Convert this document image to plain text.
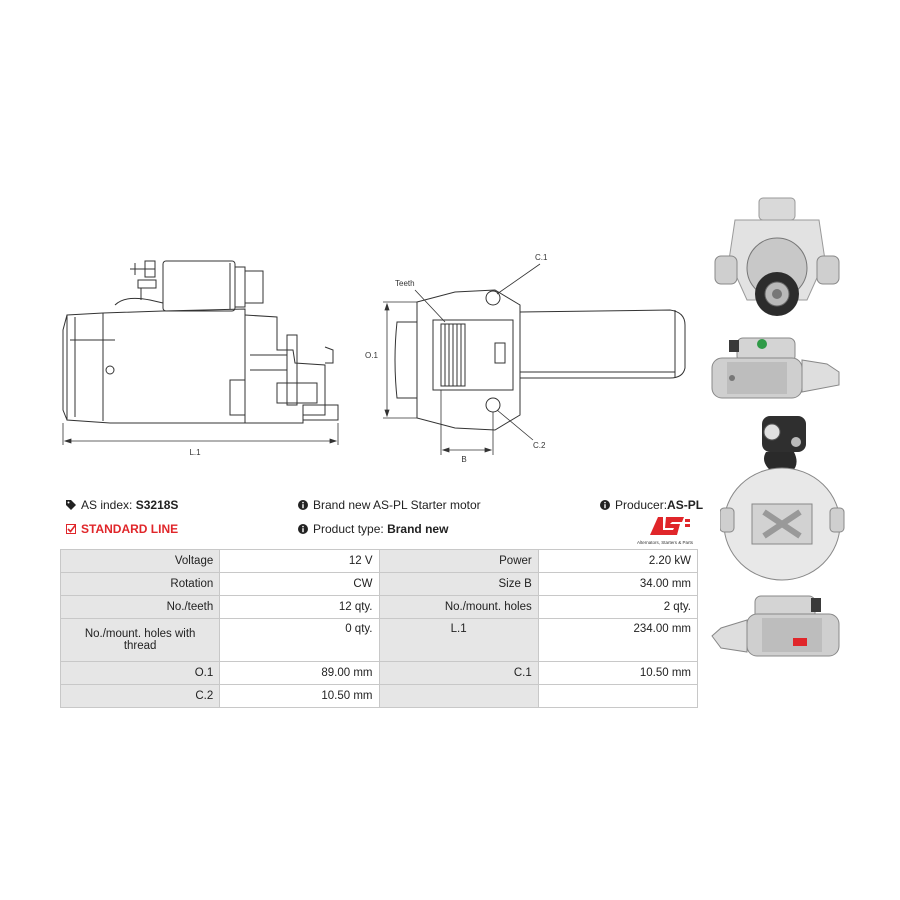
L.1
O.1
Teeth
C.1
C.2
B
AS index: S3218S
STANDARD LINE
Brand new AS-PL Starter motor
Product type: Brand new
Producer:AS-PL
Alternators, Starters & Parts
Voltage	12 V	Power	2.20 kW
Rotation	CW	Size B	34.00 mm
No./teeth	12 qty.	No./mount. holes	2 qty.
No./mount. holes with thread	0 qty.	L.1	234.00 mm
O.1	89.00 mm	C.1	10.50 mm
C.2	10.50 mm		
